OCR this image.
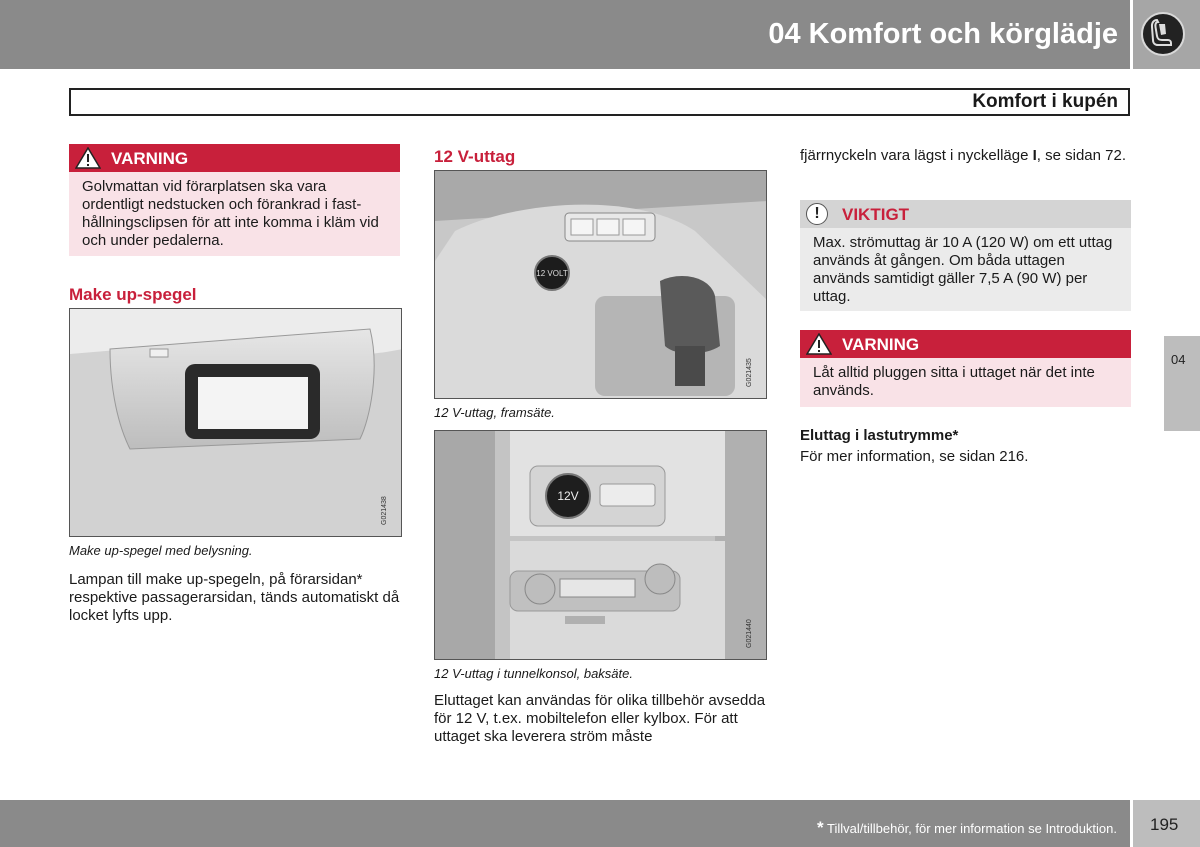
04 Komfort och körglädje
Komfort i kupén
04
VARNING
Golvmattan vid förarplatsen ska vara ordentligt nedstucken och förankrad i fasthållningsclipsen för att inte komma i kläm vid och under pedalerna.
Make up-spegel
G021438
Make up-spegel med belysning.
Lampan till make up-spegeln, på förarsidan* respektive passagerarsidan, tänds automatiskt då locket lyfts upp.
12 V-uttag
12 VOLT
G021435
12 V-uttag, framsäte.
12V
G021440
12 V-uttag i tunnelkonsol, baksäte.
Eluttaget kan användas för olika tillbehör avsedda för 12 V, t.ex. mobiltelefon eller kylbox. För att uttaget ska leverera ström måste
fjärrnyckeln vara lägst i nyckelläge I, se sidan 72.
!	VIKTIGT
Max. strömuttag är 10 A (120 W) om ett uttag används åt gången. Om båda uttagen används samtidigt gäller 7,5 A (90 W) per uttag.
VARNING
Låt alltid pluggen sitta i uttaget när det inte används.
Eluttag i lastutrymme*
För mer information, se sidan 216.
* Tillval/tillbehör, för mer information se Introduktion. 195
